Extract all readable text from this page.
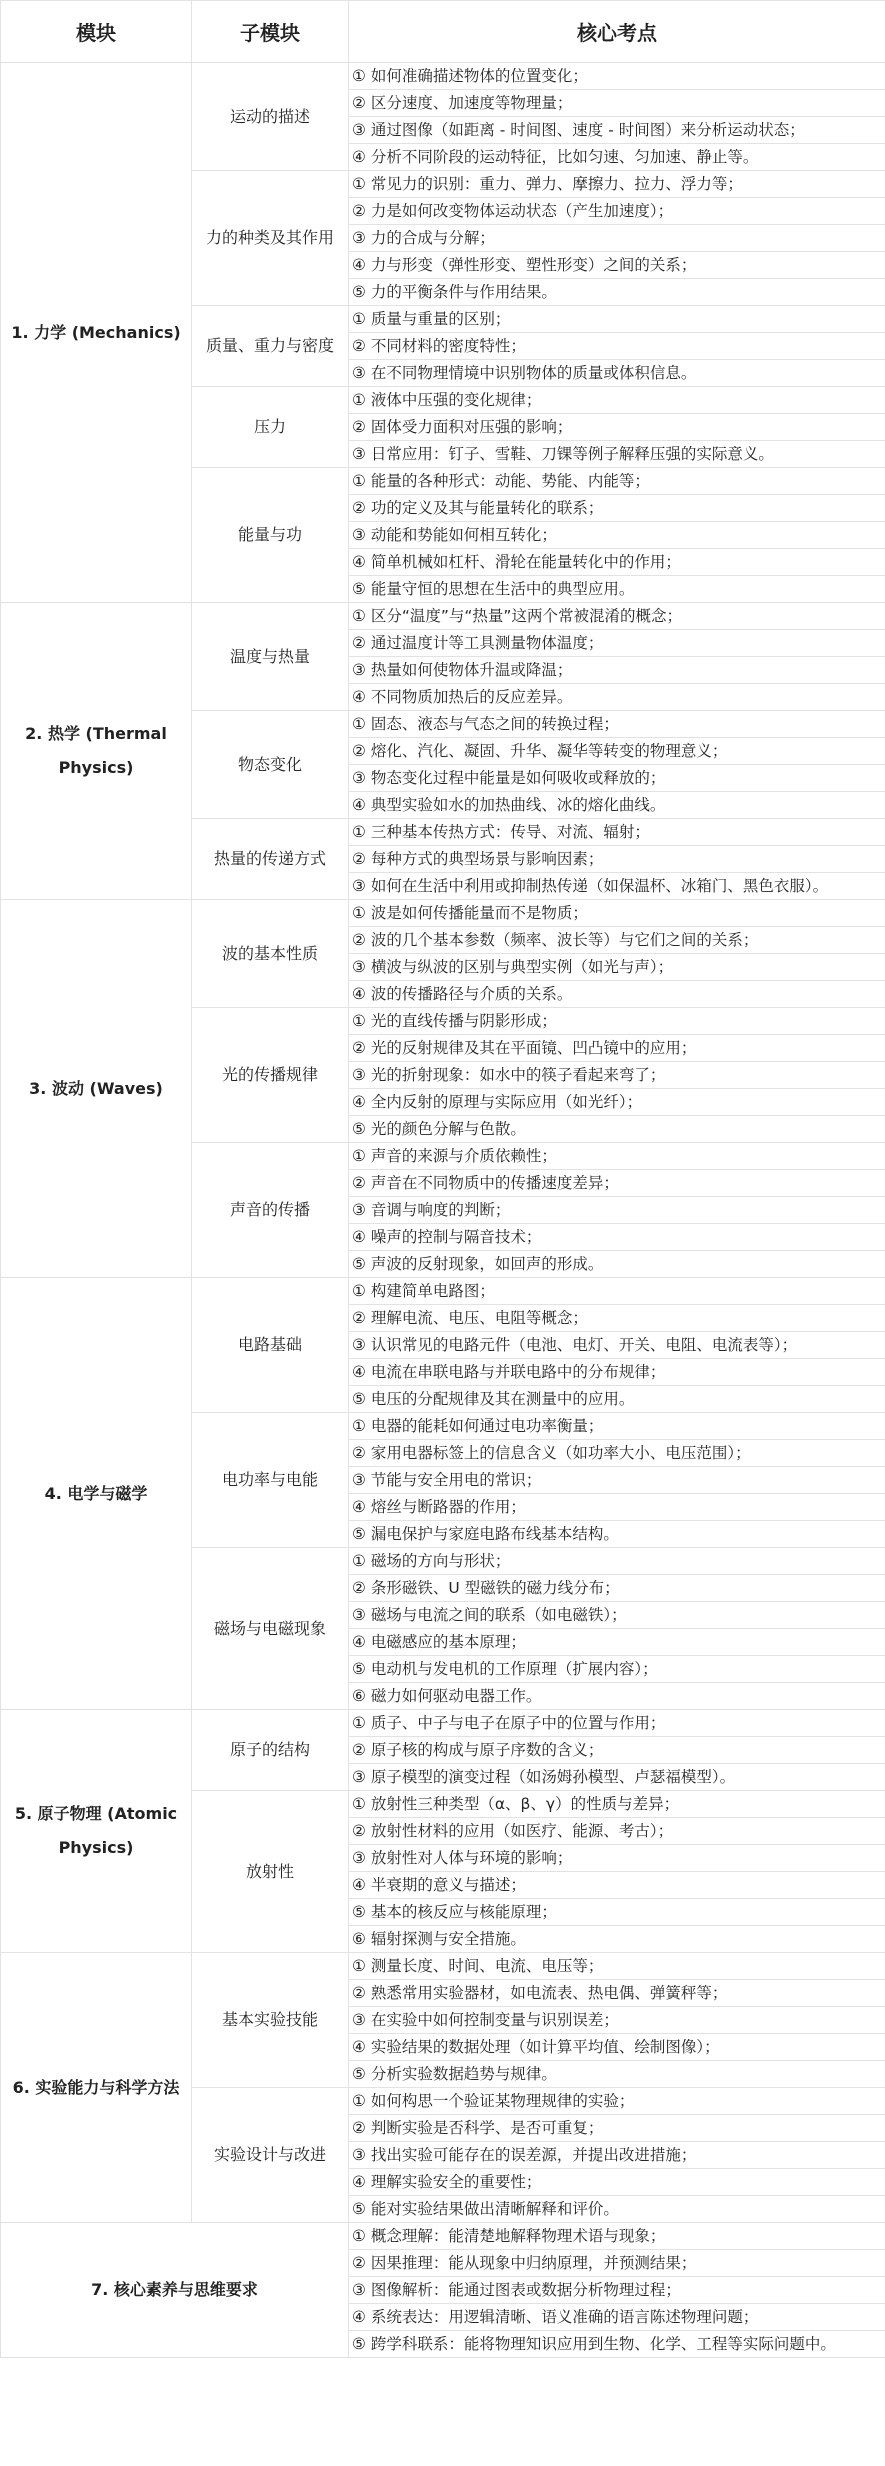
模块	子模块	核心考点
1. 力学 (Mechanics)	运动的描述	① 如何准确描述物体的位置变化；
		② 区分速度、加速度等物理量；
		③ 通过图像（如距离 - 时间图、速度 - 时间图）来分析运动状态；
		④ 分析不同阶段的运动特征，比如匀速、匀加速、静止等。
	力的种类及其作用	① 常见力的识别：重力、弹力、摩擦力、拉力、浮力等；
		② 力是如何改变物体运动状态（产生加速度）；
		③ 力的合成与分解；
		④ 力与形变（弹性形变、塑性形变）之间的关系；
		⑤ 力的平衡条件与作用结果。
	质量、重力与密度	① 质量与重量的区别；
		② 不同材料的密度特性；
		③ 在不同物理情境中识别物体的质量或体积信息。
	压力	① 液体中压强的变化规律；
		② 固体受力面积对压强的影响；
		③ 日常应用：钉子、雪鞋、刀锞等例子解释压强的实际意义。
	能量与功	① 能量的各种形式：动能、势能、内能等；
		② 功的定义及其与能量转化的联系；
		③ 动能和势能如何相互转化；
		④ 简单机械如杠杆、滑轮在能量转化中的作用；
		⑤ 能量守恒的思想在生活中的典型应用。
2. 热学 (Thermal Physics)	温度与热量	① 区分“温度”与“热量”这两个常被混淆的概念；
		② 通过温度计等工具测量物体温度；
		③ 热量如何使物体升温或降温；
		④ 不同物质加热后的反应差异。
	物态变化	① 固态、液态与气态之间的转换过程；
		② 熔化、汽化、凝固、升华、凝华等转变的物理意义；
		③ 物态变化过程中能量是如何吸收或释放的；
		④ 典型实验如水的加热曲线、冰的熔化曲线。
	热量的传递方式	① 三种基本传热方式：传导、对流、辐射；
		② 每种方式的典型场景与影响因素；
		③ 如何在生活中利用或抑制热传递（如保温杯、冰箱门、黑色衣服）。
3. 波动 (Waves)	波的基本性质	① 波是如何传播能量而不是物质；
		② 波的几个基本参数（频率、波长等）与它们之间的关系；
		③ 横波与纵波的区别与典型实例（如光与声）；
		④ 波的传播路径与介质的关系。
	光的传播规律	① 光的直线传播与阴影形成；
		② 光的反射规律及其在平面镜、凹凸镜中的应用；
		③ 光的折射现象：如水中的筷子看起来弯了；
		④ 全内反射的原理与实际应用（如光纤）；
		⑤ 光的颜色分解与色散。
	声音的传播	① 声音的来源与介质依赖性；
		② 声音在不同物质中的传播速度差异；
		③ 音调与响度的判断；
		④ 噪声的控制与隔音技术；
		⑤ 声波的反射现象，如回声的形成。
4. 电学与磁学	电路基础	① 构建简单电路图；
		② 理解电流、电压、电阻等概念；
		③ 认识常见的电路元件（电池、电灯、开关、电阻、电流表等）；
		④ 电流在串联电路与并联电路中的分布规律；
		⑤ 电压的分配规律及其在测量中的应用。
	电功率与电能	① 电器的能耗如何通过电功率衡量；
		② 家用电器标签上的信息含义（如功率大小、电压范围）；
		③ 节能与安全用电的常识；
		④ 熔丝与断路器的作用；
		⑤ 漏电保护与家庭电路布线基本结构。
	磁场与电磁现象	① 磁场的方向与形状；
		② 条形磁铁、U 型磁铁的磁力线分布；
		③ 磁场与电流之间的联系（如电磁铁）；
		④ 电磁感应的基本原理；
		⑤ 电动机与发电机的工作原理（扩展内容）；
		⑥ 磁力如何驱动电器工作。
5. 原子物理 (Atomic Physics)	原子的结构	① 质子、中子与电子在原子中的位置与作用；
		② 原子核的构成与原子序数的含义；
		③ 原子模型的演变过程（如汤姆孙模型、卢瑟福模型）。
	放射性	① 放射性三种类型（α、β、γ）的性质与差异；
		② 放射性材料的应用（如医疗、能源、考古）；
		③ 放射性对人体与环境的影响；
		④ 半衰期的意义与描述；
		⑤ 基本的核反应与核能原理；
		⑥ 辐射探测与安全措施。
6. 实验能力与科学方法	基本实验技能	① 测量长度、时间、电流、电压等；
		② 熟悉常用实验器材，如电流表、热电偶、弹簧秤等；
		③ 在实验中如何控制变量与识别误差；
		④ 实验结果的数据处理（如计算平均值、绘制图像）；
		⑤ 分析实验数据趋势与规律。
	实验设计与改进	① 如何构思一个验证某物理规律的实验；
		② 判断实验是否科学、是否可重复；
		③ 找出实验可能存在的误差源，并提出改进措施；
		④ 理解实验安全的重要性；
		⑤ 能对实验结果做出清晰解释和评价。
7. 核心素养与思维要求		① 概念理解：能清楚地解释物理术语与现象；
		② 因果推理：能从现象中归纳原理，并预测结果；
		③ 图像解析：能通过图表或数据分析物理过程；
		④ 系统表达：用逻辑清晰、语义准确的语言陈述物理问题；
		⑤ 跨学科联系：能将物理知识应用到生物、化学、工程等实际问题中。
